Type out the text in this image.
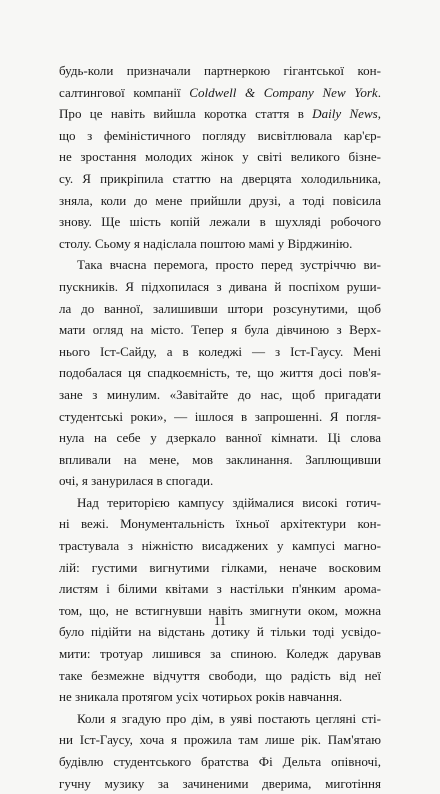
будь-коли призначали партнеркою гігантської кон-
салтингової компанії Coldwell & Company New York.
Про це навіть вийшла коротка стаття в Daily News,
що з феміністичного погляду висвітлювала кар'єр-
не зростання молодих жінок у світі великого бізне-
су. Я прикріпила статтю на дверцята холодильника,
зняла, коли до мене прийшли друзі, а тоді повісила
знову. Ще шість копій лежали в шухляді робочого
столу. Сьому я надіслала поштою мамі у Вірджинію.
Така вчасна перемога, просто перед зустріччю ви-
пускників. Я підхопилася з дивана й поспіхом руши-
ла до ванної, залишивши штори розсунутими, щоб
мати огляд на місто. Тепер я була дівчиною з Верх-
нього Іст-Сайду, а в коледжі — з Іст-Гаусу. Мені
подобалася ця спадкоємність, те, що життя досі пов'я-
зане з минулим. «Завітайте до нас, щоб пригадати
студентські роки», — ішлося в запрошенні. Я погля-
нула на себе у дзеркало ванної кімнати. Ці слова
впливали на мене, мов заклинання. Заплющивши
очі, я занурилася в спогади.
Над територією кампусу здіймалися високі готич-
ні вежі. Монументальність їхньої архітектури кон-
трастувала з ніжністю висаджених у кампусі магно-
лій: густими вигнутими гілками, неначе восковим
листям і білими квітами з настільки п'янким арома-
том, що, не встигнувши навіть змигнути оком, можна
було підійти на відстань дотику й тільки тоді усвідо-
мити: тротуар лишився за спиною. Коледж дарував
таке безмежне відчуття свободи, що радість від неї
не зникала протягом усіх чотирьох років навчання.
Коли я згадую про дім, в уяві постають цегляні сті-
ни Іст-Гаусу, хоча я прожила там лише рік. Пам'ятаю
будівлю студентського братства Фі Дельта опівночі,
гучну музику за зачиненими дверима, миготіння
11
